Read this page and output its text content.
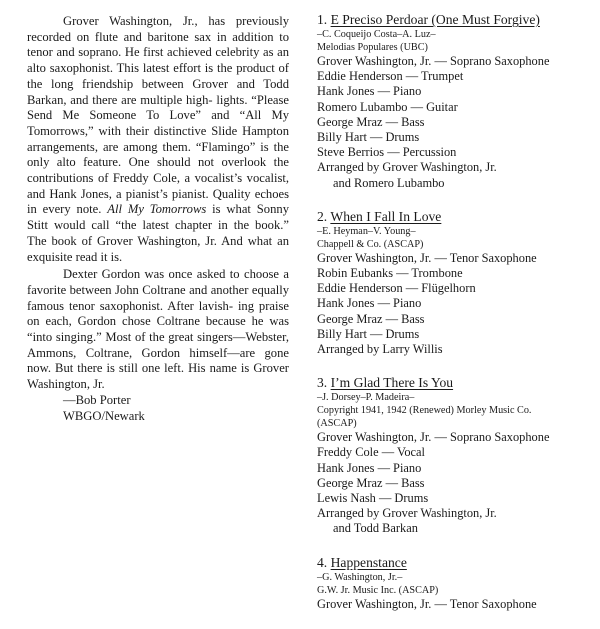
Grover Washington, Jr., has previously recorded on flute and baritone sax in addition to tenor and soprano. He first achieved celebrity as an alto saxophonist. This latest effort is the product of the long friendship between Grover and Todd Barkan, and there are multiple high- lights. “Please Send Me Someone To Love” and “All My Tomorrows,” with their distinctive Slide Hampton arrangements, are among them. “Flamingo” is the only alto feature. One should not overlook the contributions of Freddy Cole, a vocalist’s vocalist, and Hank Jones, a pianist’s pianist. Quality echoes in every note. All My Tomorrows is what Sonny Stitt would call “the latest chapter in the book.” The book of Grover Washington, Jr. And what an exquisite read it is.

Dexter Gordon was once asked to choose a favorite between John Coltrane and another equally famous tenor saxophonist. After lavish- ing praise on each, Gordon chose Coltrane because he was “into singing.” Most of the great singers—Webster, Ammons, Coltrane, Gordon himself—are gone now. But there is still one left. His name is Grover Washington, Jr.

—Bob Porter

WBGO/Newark

1. E Preciso Perdoar (One Must Forgive)
–C. Coqueijo Costa–A. Luz–
Melodias Populares (UBC)
Grover Washington, Jr. — Soprano Saxophone
Eddie Henderson — Trumpet
Hank Jones — Piano
Romero Lubambo — Guitar
George Mraz — Bass
Billy Hart — Drums
Steve Berrios — Percussion
Arranged by Grover Washington, Jr.
and Romero Lubambo
2. When I Fall In Love
–E. Heyman–V. Young–
Chappell & Co. (ASCAP)
Grover Washington, Jr. — Tenor Saxophone
Robin Eubanks — Trombone
Eddie Henderson — Flügelhorn
Hank Jones — Piano
George Mraz — Bass
Billy Hart — Drums
Arranged by Larry Willis
3. I’m Glad There Is You
–J. Dorsey–P. Madeira–
Copyright 1941, 1942 (Renewed) Morley Music Co.
(ASCAP)
Grover Washington, Jr. — Soprano Saxophone
Freddy Cole — Vocal
Hank Jones — Piano
George Mraz — Bass
Lewis Nash — Drums
Arranged by Grover Washington, Jr.
and Todd Barkan
4. Happenstance
–G. Washington, Jr.–
G.W. Jr. Music Inc. (ASCAP)
Grover Washington, Jr. — Tenor Saxophone
